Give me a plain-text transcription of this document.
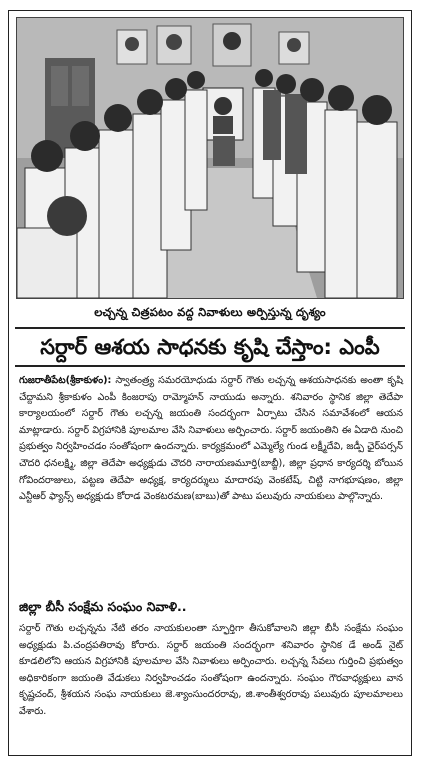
లచ్చన్న చిత్రపటం వద్ద నివాళులు అర్పిస్తున్న దృశ్యం
సర్దార్ ఆశయ సాధనకు కృషి చేస్తాం: ఎంపీ

గుజరాతీపేట(శ్రీకాకుళం): స్వాతంత్ర్య సమరయోధుడు సర్దార్ గౌతు లచ్చన్న ఆశయసాధనకు అంతా కృషి చేద్దామని శ్రీకాకుళం ఎంపీ కింజరాపు రామ్మోహన్ నాయుడు అన్నారు. శనివారం స్థానిక జిల్లా తెదేపా కార్యాలయంలో సర్దార్ గౌతు లచ్చన్న జయంతి సందర్భంగా ఏర్పాటు చేసిన సమావేశంలో ఆయన మాట్లాడారు. సర్దార్ విగ్రహానికి పూలమాల వేసి నివాళులు అర్పించారు. సర్దార్ జయంతిని ఈ ఏడాది నుంచి ప్రభుత్వం నిర్వహించడం సంతోషంగా ఉందన్నారు. కార్యక్రమంలో ఎమ్మెల్యే గుండ లక్ష్మీదేవి, జడ్పీ ఛైర్‌పర్సన్ చౌదరి ధనలక్ష్మి, జిల్లా తెదేపా అధ్యక్షుడు చౌదరి నారాయణమూర్తి(బాబ్జీ), జిల్లా ప్రధాన కార్యదర్శి బోయిన గోవిందరాజులు, పట్టణ తెదేపా అధ్యక్ష, కార్యదర్శులు మాదారపు వెంకటేష్, చిట్టి నాగభూషణం, జిల్లా ఎన్టీఆర్ ఫ్యాన్స్ అధ్యక్షుడు కోరాడ వెంకటరమణ(బాబు)తో పాటు పలువురు నాయకులు పాల్గొన్నారు.

జిల్లా బీసీ సంక్షేమ సంఘం నివాళి..

సర్దార్ గౌతు లచ్చన్నను నేటి తరం నాయకులంతా స్ఫూర్తిగా తీసుకోవాలని జిల్లా బీసీ సంక్షేమ సంఘం అధ్యక్షుడు పి.చంద్రపతిరావు కోరారు. సర్దార్ జయంతి సందర్భంగా శనివారం స్థానిక డే అండ్ నైట్ కూడలిలోని ఆయన విగ్రహానికి పూలమాల వేసి నివాళులు అర్పించారు. లచ్చన్న సేవలు గుర్తించి ప్రభుత్వం అధికారికంగా జయంతి వేడుకలు నిర్వహించడం సంతోషంగా ఉందన్నారు. సంఘం గౌరవాధ్యక్షులు వాన కృష్ణచంద్, శ్రీశయన సంఘ నాయకులు జె.శ్యాంసుందరరావు, జి.శాంతీశ్వరరావు పలువురు పూలమాలలు వేశారు.
